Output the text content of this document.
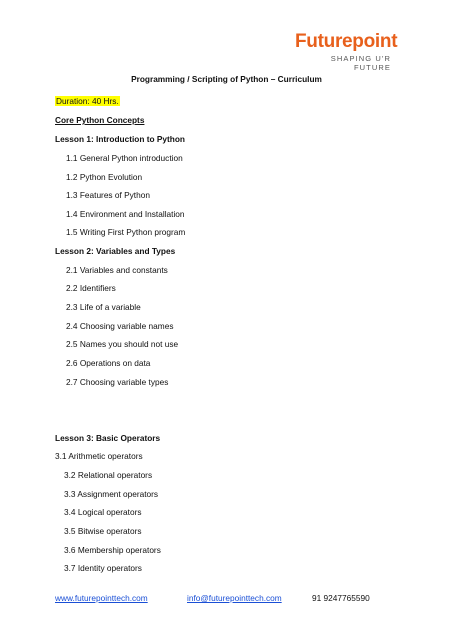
Futurepoint
SHAPING U'R FUTURE
Programming / Scripting of Python – Curriculum
Duration: 40 Hrs.
Core Python Concepts
Lesson 1: Introduction to Python
1.1 General Python introduction
1.2 Python Evolution
1.3 Features of Python
1.4 Environment and Installation
1.5 Writing First Python program
Lesson 2: Variables and Types
2.1 Variables and constants
2.2 Identifiers
2.3 Life of a variable
2.4 Choosing variable names
2.5 Names you should not use
2.6 Operations on data
2.7 Choosing variable types
Lesson 3: Basic Operators
3.1 Arithmetic operators
3.2 Relational operators
3.3 Assignment operators
3.4 Logical operators
3.5 Bitwise operators
3.6 Membership operators
3.7 Identity operators
www.futurepointtech.com	info@futurepointtech.com	91 9247765590
